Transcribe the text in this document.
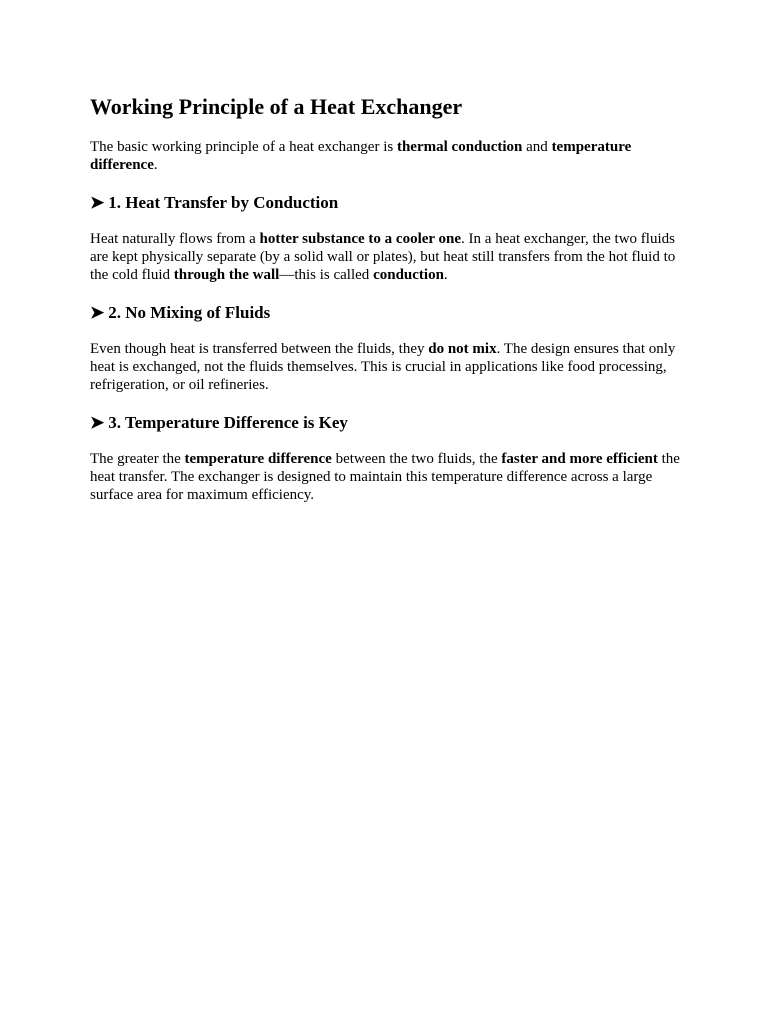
Working Principle of a Heat Exchanger

The basic working principle of a heat exchanger is thermal conduction and temperature difference.

➤ 1. Heat Transfer by Conduction

Heat naturally flows from a hotter substance to a cooler one. In a heat exchanger, the two fluids are kept physically separate (by a solid wall or plates), but heat still transfers from the hot fluid to the cold fluid through the wall—this is called conduction.

➤ 2. No Mixing of Fluids

Even though heat is transferred between the fluids, they do not mix. The design ensures that only heat is exchanged, not the fluids themselves. This is crucial in applications like food processing, refrigeration, or oil refineries.

➤ 3. Temperature Difference is Key

The greater the temperature difference between the two fluids, the faster and more efficient the heat transfer. The exchanger is designed to maintain this temperature difference across a large surface area for maximum efficiency.
